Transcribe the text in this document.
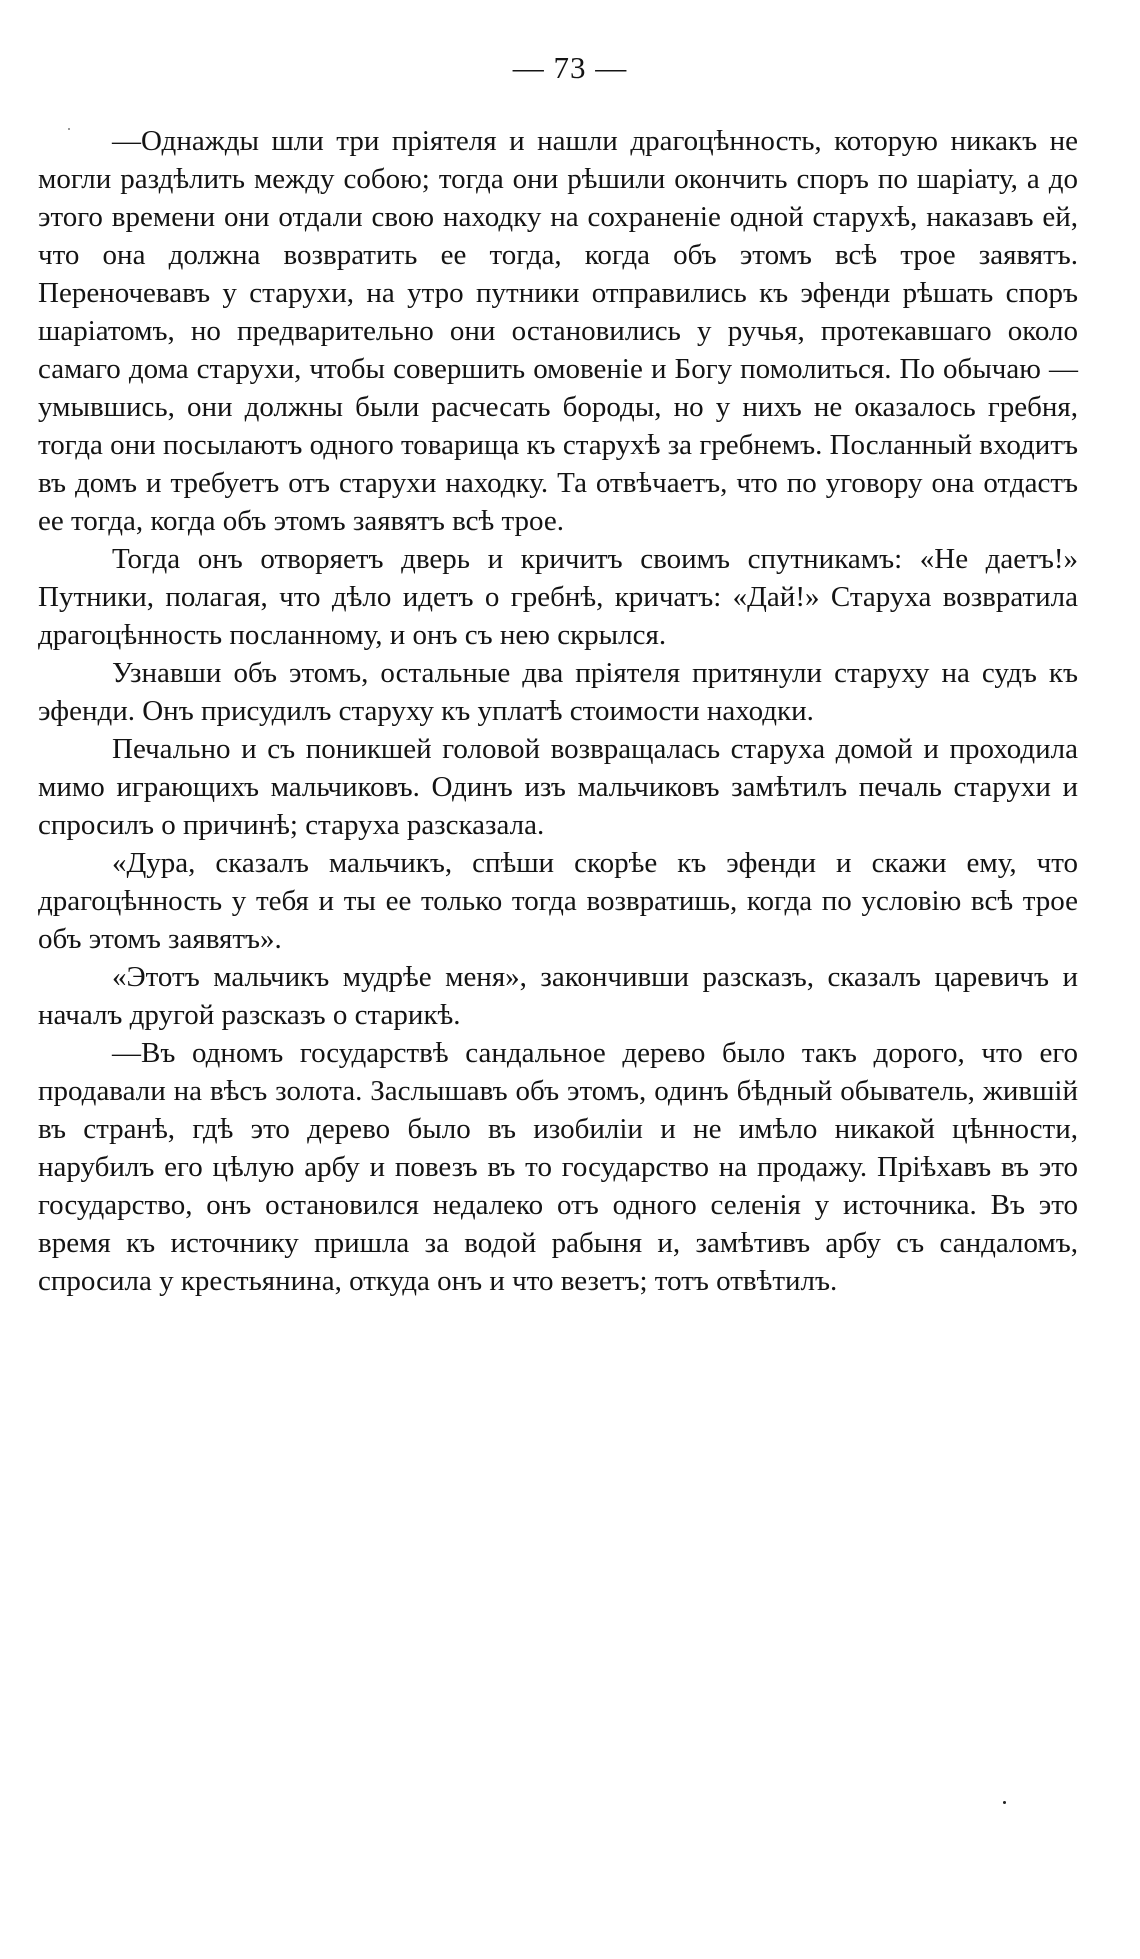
— 73 —

—Однажды шли три прiятеля и нашли драгоцѣнность, которую никакъ не могли раздѣлить между собою; тогда они рѣшили окончить споръ по шарiату, а до этого времени они отдали свою находку на сохраненiе одной старухѣ, наказавъ ей, что она должна возвратить ее тогда, когда объ этомъ всѣ трое заявятъ. Переночевавъ у старухи, на утро путники отправились къ эфенди рѣшать споръ шарiатомъ, но предварительно они остановились у ручья, протекавшаго около самаго дома старухи, чтобы совершить омовенiе и Богу помолиться. По обычаю — умывшись, они должны были расчесать бороды, но у нихъ не оказалось гребня, тогда они посылаютъ одного товарища къ старухѣ за гребнемъ. Посланный входитъ въ домъ и требуетъ отъ старухи находку. Та отвѣчаетъ, что по уговору она отдастъ ее тогда, когда объ этомъ заявятъ всѣ трое.

Тогда онъ отворяетъ дверь и кричитъ своимъ спутникамъ: «Не даетъ!» Путники, полагая, что дѣло идетъ о гребнѣ, кричатъ: «Дай!» Старуха возвратила драгоцѣнность посланному, и онъ съ нею скрылся.

Узнавши объ этомъ, остальные два прiятеля притянули старуху на судъ къ эфенди. Онъ присудилъ старуху къ уплатѣ стоимости находки.

Печально и съ поникшей головой возвращалась старуха домой и проходила мимо играющихъ мальчиковъ. Одинъ изъ мальчиковъ замѣтилъ печаль старухи и спросилъ о причинѣ; старуха разсказала.

«Дура, сказалъ мальчикъ, спѣши скорѣе къ эфенди и скажи ему, что драгоцѣнность у тебя и ты ее только тогда возвратишь, когда по условiю всѣ трое объ этомъ заявятъ».

«Этотъ мальчикъ мудрѣе меня», закончивши разсказъ, сказалъ царевичъ и началъ другой разсказъ о старикѣ.

—Въ одномъ государствѣ сандальное дерево было такъ дорого, что его продавали на вѣсъ золота. Заслышавъ объ этомъ, одинъ бѣдный обыватель, жившiй въ странѣ, гдѣ это дерево было въ изобилiи и не имѣло никакой цѣнности, нарубилъ его цѣлую арбу и повезъ въ то государство на продажу. Прiѣхавъ въ это государство, онъ остановился недалеко отъ одного селенiя у источника. Въ это время къ источнику пришла за водой рабыня и, замѣтивъ арбу съ сандаломъ, спросила у крестьянина, откуда онъ и что везетъ; тотъ отвѣтилъ.
